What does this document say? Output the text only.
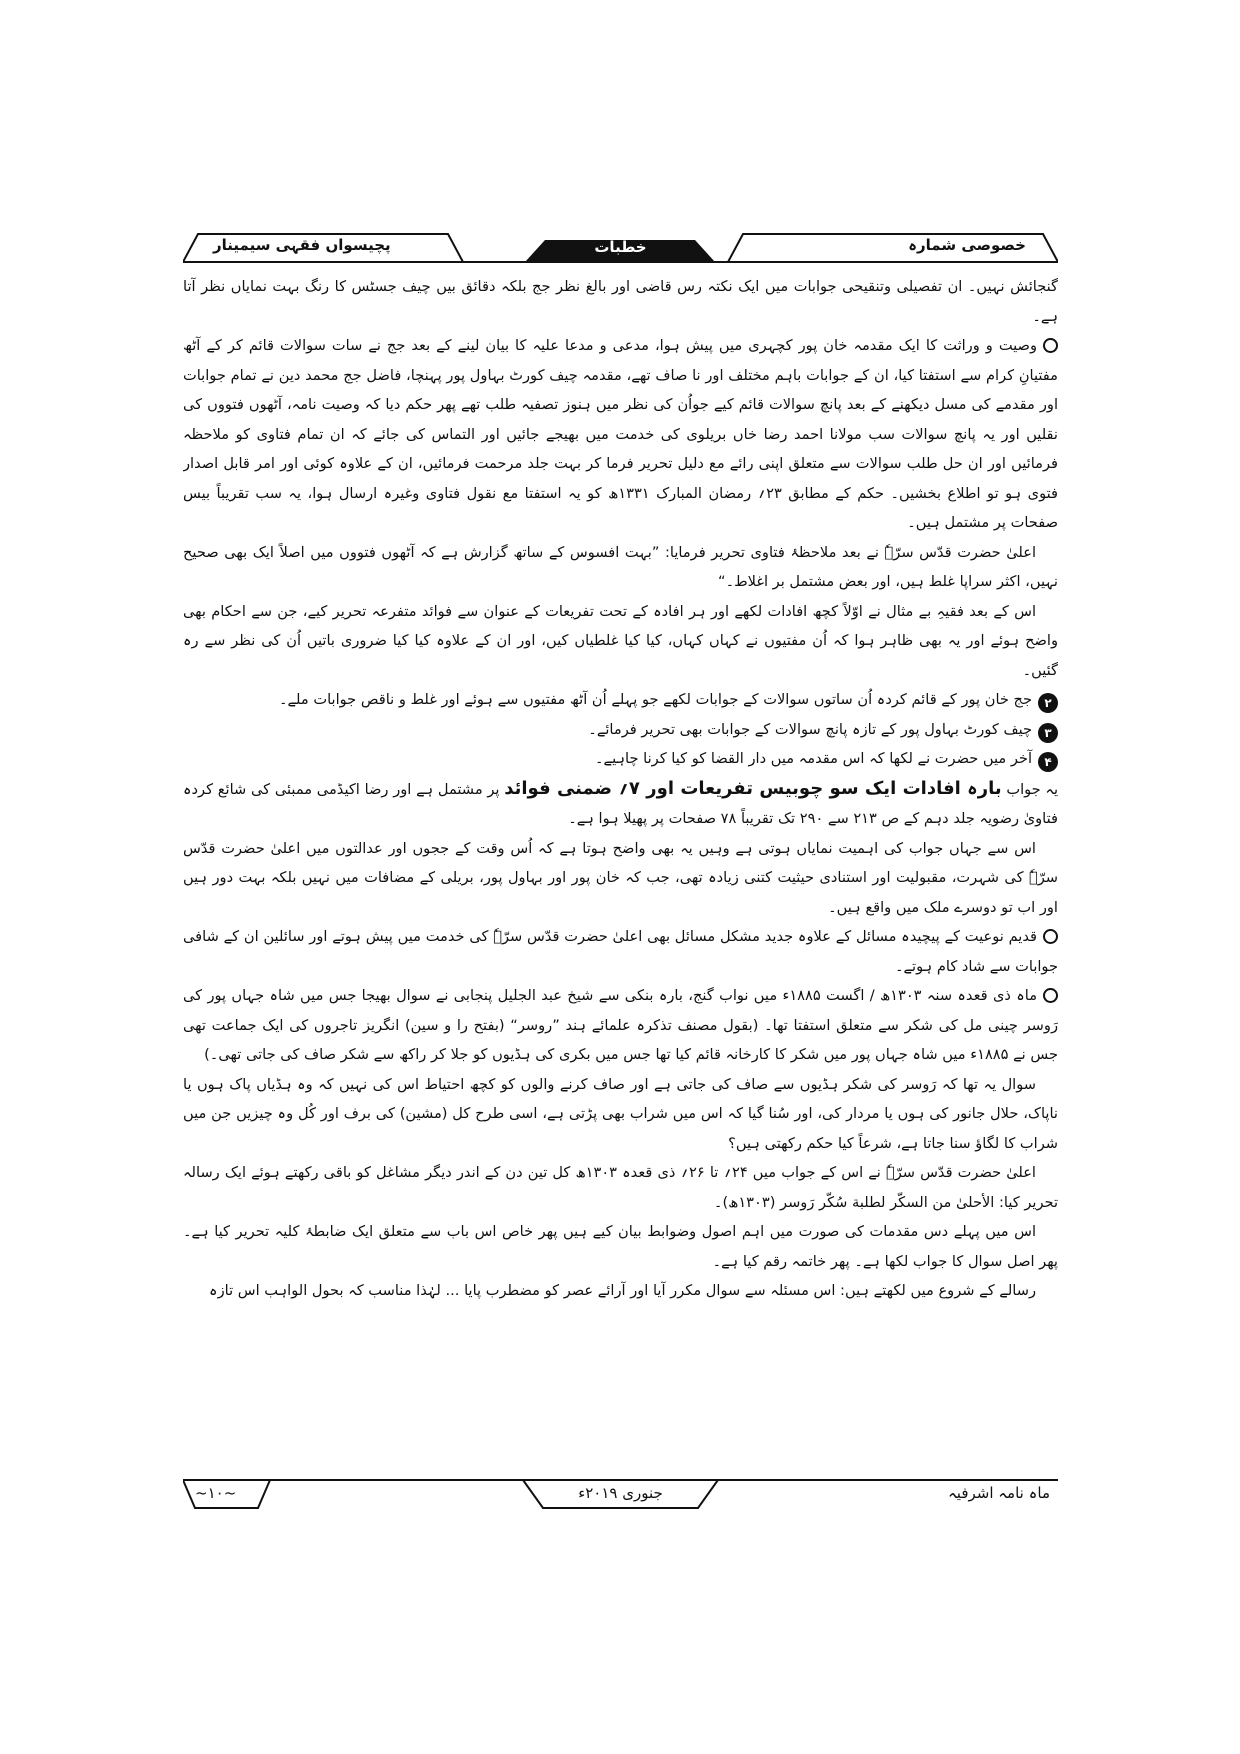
خصوصی شمارہ
خطبات
پچیسواں فقہی سیمینار

گنجائش نہیں۔ ان تفصیلی وتنقیحی جوابات میں ایک نکتہ رس قاضی اور بالغ نظر جج بلکہ دقائق بیں چیف جسٹس کا رنگ بہت نمایاں نظر آتا ہے۔

وصیت و وراثت کا ایک مقدمہ خان پور کچہری میں پیش ہوا، مدعی و مدعا علیہ کا بیان لینے کے بعد جج نے سات سوالات قائم کر کے آٹھ مفتیانِ کرام سے استفتا کیا، ان کے جوابات باہم مختلف اور نا صاف تھے، مقدمہ چیف کورٹ بہاول پور پہنچا، فاضل جج محمد دین نے تمام جوابات اور مقدمے کی مسل دیکھنے کے بعد پانچ سوالات قائم کیے جواُن کی نظر میں ہنوز تصفیہ طلب تھے پھر حکم دیا کہ وصیت نامہ، آٹھوں فتووں کی نقلیں اور یہ پانچ سوالات سب مولانا احمد رضا خاں بریلوی کی خدمت میں بھیجے جائیں اور التماس کی جائے کہ ان تمام فتاوی کو ملاحظہ فرمائیں اور ان حل طلب سوالات سے متعلق اپنی رائے مع دلیل تحریر فرما کر بہت جلد مرحمت فرمائیں، ان کے علاوہ کوئی اور امر قابل اصدار فتوی ہو تو اطلاع بخشیں۔ حکم کے مطابق ۲۳؍ رمضان المبارک ۱۳۳۱ھ کو یہ استفتا مع نقول فتاوی وغیرہ ارسال ہوا، یہ سب تقریباً بیس صفحات پر مشتمل ہیں۔

اعلیٰ حضرت قدّس سرّہٗ نے بعد ملاحظۂ فتاوی تحریر فرمایا: ”بہت افسوس کے ساتھ گزارش ہے کہ آٹھوں فتووں میں اصلاً ایک بھی صحیح نہیں، اکثر سراپا غلط ہیں، اور بعض مشتمل بر اغلاط۔“

اس کے بعد فقیہِ بے مثال نے اوّلاً کچھ افادات لکھے اور ہر افادہ کے تحت تفریعات کے عنوان سے فوائد متفرعہ تحریر کیے، جن سے احکام بھی واضح ہوئے اور یہ بھی ظاہر ہوا کہ اُن مفتیوں نے کہاں کہاں، کیا کیا غلطیاں کیں، اور ان کے علاوہ کیا کیا ضروری باتیں اُن کی نظر سے رہ گئیں۔

۲جج خان پور کے قائم کردہ اُن ساتوں سوالات کے جوابات لکھے جو پہلے اُن آٹھ مفتیوں سے ہوئے اور غلط و ناقص جوابات ملے۔

۳چیف کورٹ بہاول پور کے تازہ پانچ سوالات کے جوابات بھی تحریر فرمائے۔

۴آخر میں حضرت نے لکھا کہ اس مقدمہ میں دار القضا کو کیا کرنا چاہیے۔

یہ جواب بارہ افادات ایک سو چوبیس تفریعات اور ۷؍ ضمنی فوائد پر مشتمل ہے اور رضا اکیڈمی ممبئی کی شائع کردہ فتاویٰ رضویہ جلد دہم کے ص ۲۱۳ سے ۲۹۰ تک تقریباً ۷۸ صفحات پر پھیلا ہوا ہے۔

اس سے جہاں جواب کی اہمیت نمایاں ہوتی ہے وہیں یہ بھی واضح ہوتا ہے کہ اُس وقت کے ججوں اور عدالتوں میں اعلیٰ حضرت قدّس سرّہٗ کی شہرت، مقبولیت اور استنادی حیثیت کتنی زیادہ تھی، جب کہ خان پور اور بہاول پور، بریلی کے مضافات میں نہیں بلکہ بہت دور ہیں اور اب تو دوسرے ملک میں واقع ہیں۔

قدیم نوعیت کے پیچیدہ مسائل کے علاوہ جدید مشکل مسائل بھی اعلیٰ حضرت قدّس سرّہٗ کی خدمت میں پیش ہوتے اور سائلین ان کے شافی جوابات سے شاد کام ہوتے۔

ماہ ذی قعدہ سنہ ۱۳۰۳ھ / اگست ۱۸۸۵ء میں نواب گنج، بارہ بنکی سے شیخ عبد الجلیل پنجابی نے سوال بھیجا جس میں شاہ جہاں پور کی رَوسر چینی مل کی شکر سے متعلق استفتا تھا۔ (بقول مصنف تذکرہ علمائے ہند ”روسر“ (بفتح را و سین) انگریز تاجروں کی ایک جماعت تھی جس نے ۱۸۸۵ء میں شاہ جہاں پور میں شکر کا کارخانہ قائم کیا تھا جس میں بکری کی ہڈیوں کو جلا کر راکھ سے شکر صاف کی جاتی تھی۔)

سوال یہ تھا کہ رَوسر کی شکر ہڈیوں سے صاف کی جاتی ہے اور صاف کرنے والوں کو کچھ احتیاط اس کی نہیں کہ وہ ہڈیاں پاک ہوں یا ناپاک، حلال جانور کی ہوں یا مردار کی، اور سُنا گیا کہ اس میں شراب بھی پڑتی ہے، اسی طرح کل (مشین) کی برف اور کُل وہ چیزیں جن میں شراب کا لگاؤ سنا جاتا ہے، شرعاً کیا حکم رکھتی ہیں؟

اعلیٰ حضرت قدّس سرّہٗ نے اس کے جواب میں ۲۴؍ تا ۲۶؍ ذی قعدہ ۱۳۰۳ھ کل تین دن کے اندر دیگر مشاغل کو باقی رکھتے ہوئے ایک رسالہ تحریر کیا: الأحلیٰ من السکّر لطلبة سُکّر رَوسر (۱۳۰۳ھ)۔

اس میں پہلے دس مقدمات کی صورت میں اہم اصول وضوابط بیان کیے ہیں پھر خاص اس باب سے متعلق ایک ضابطۂ کلیہ تحریر کیا ہے۔ پھر اصل سوال کا جواب لکھا ہے۔ پھر خاتمہ رقم کیا ہے۔

رسالے کے شروع میں لکھتے ہیں: اس مسئلہ سے سوال مکرر آیا اور آرائے عصر کو مضطرب پایا ... لہٰذا مناسب کہ بحول الواہب اس تازہ

ماہ نامہ اشرفیہ
جنوری ۲۰۱۹ء
~۱۰~
